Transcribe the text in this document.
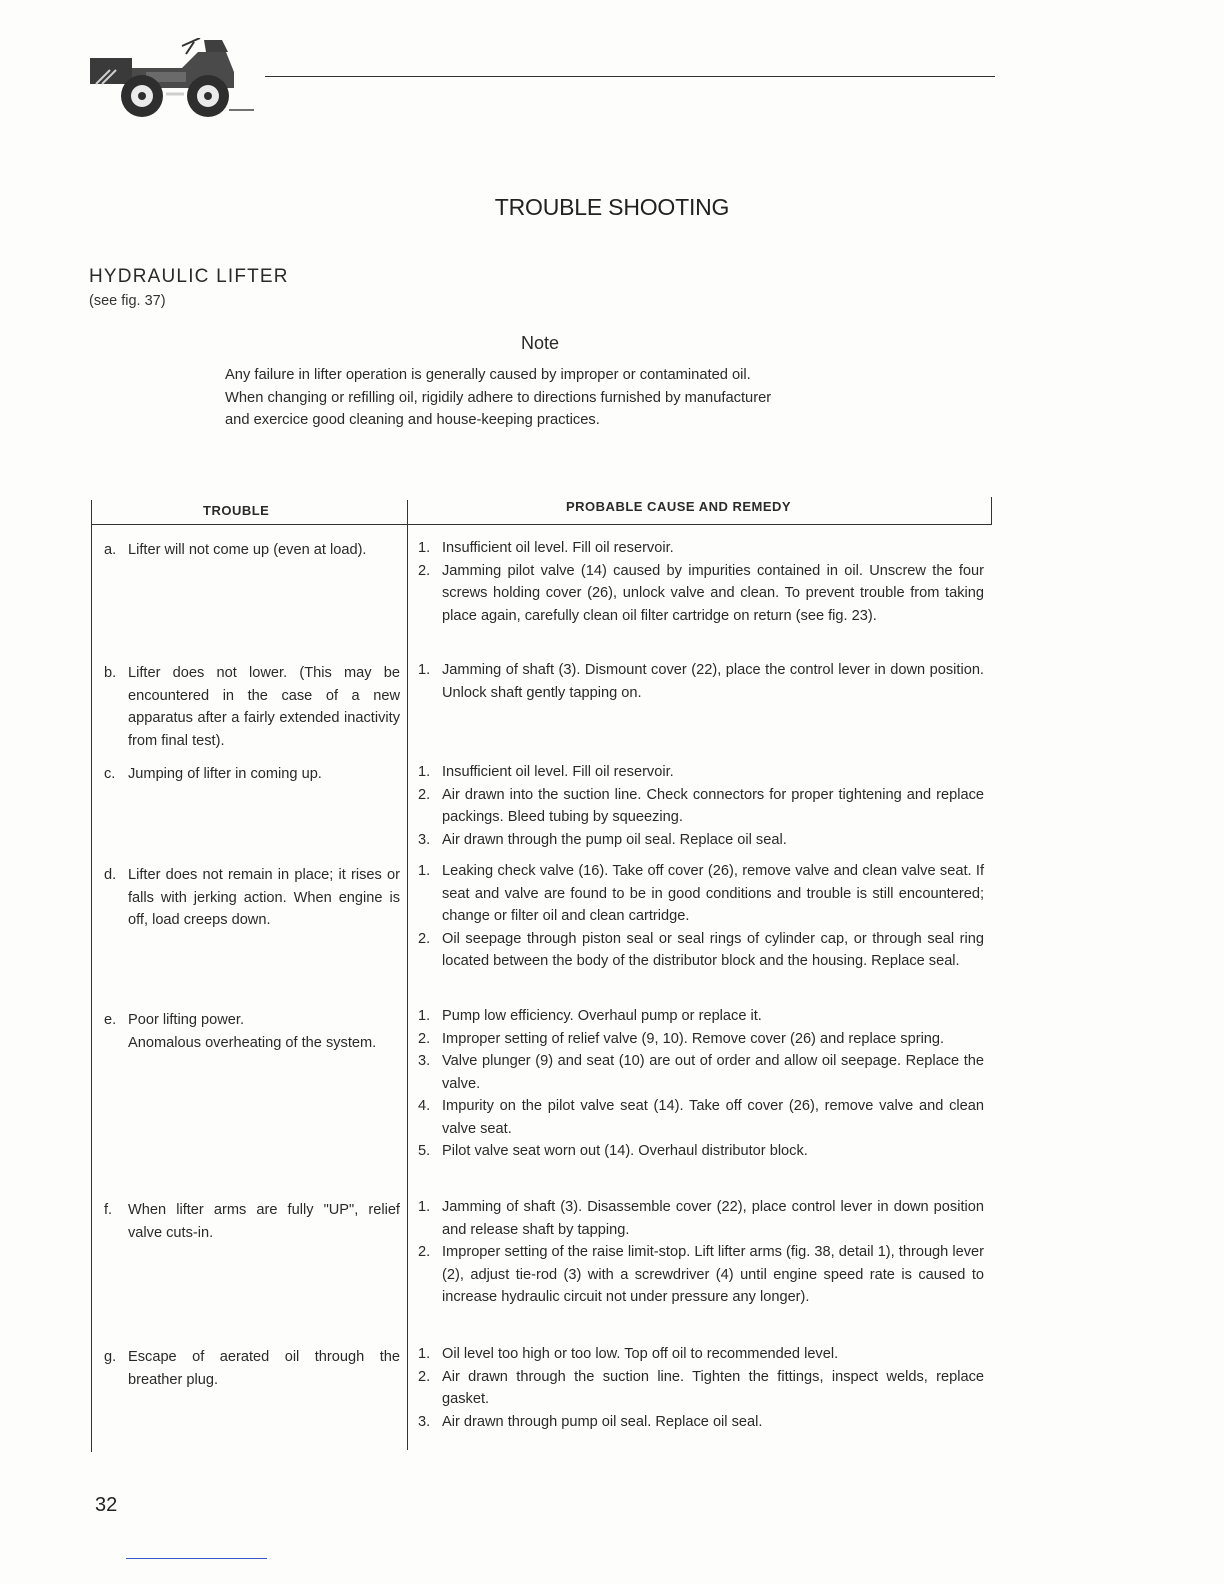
TROUBLE SHOOTING
HYDRAULIC LIFTER
(see fig. 37)
Note
Any failure in lifter operation is generally caused by improper or contaminated oil.
When changing or refilling oil, rigidily adhere to directions furnished by manufacturer
and exercice good cleaning and house-keeping practices.
TROUBLE	PROBABLE CAUSE AND REMEDY
a. Lifter will not come up (even at load).	1. Insufficient oil level. Fill oil reservoir.
2. Jamming pilot valve (14) caused by impurities contained in oil. Unscrew the four screws holding cover (26), unlock valve and clean. To prevent trouble from taking place again, carefully clean oil filter cartridge on return (see fig. 23).
b. Lifter does not lower. (This may be encountered in the case of a new apparatus after a fairly extended inactivity from final test).
1. Jamming of shaft (3). Dismount cover (22), place the control lever in down position. Unlock shaft gently tapping on.
c. Jumping of lifter in coming up.	1. Insufficient oil level. Fill oil reservoir.
2. Air drawn into the suction line. Check connectors for proper tightening and replace packings. Bleed tubing by squeezing.
3. Air drawn through the pump oil seal. Replace oil seal.
d. Lifter does not remain in place; it rises or falls with jerking action. When engine is off, load creeps down.
1. Leaking check valve (16). Take off cover (26), remove valve and clean valve seat. If seat and valve are found to be in good conditions and trouble is still encountered; change or filter oil and clean cartridge.
2. Oil seepage through piston seal or seal rings of cylinder cap, or through seal ring located between the body of the distributor block and the housing. Replace seal.
e. Poor lifting power.
Anomalous overheating of the system.
1. Pump low efficiency. Overhaul pump or replace it.
2. Improper setting of relief valve (9, 10). Remove cover (26) and replace spring.
3. Valve plunger (9) and seat (10) are out of order and allow oil seepage. Replace the valve.
4. Impurity on the pilot valve seat (14). Take off cover (26), remove valve and clean valve seat.
5. Pilot valve seat worn out (14). Overhaul distributor block.
f. When lifter arms are fully "UP", relief valve cuts-in.
1. Jamming of shaft (3). Disassemble cover (22), place control lever in down position and release shaft by tapping.
2. Improper setting of the raise limit-stop. Lift lifter arms (fig. 38, detail 1), through lever (2), adjust tie-rod (3) with a screwdriver (4) until engine speed rate is caused to increase hydraulic circuit not under pressure any longer).
g. Escape of aerated oil through the breather plug.
1. Oil level too high or too low. Top off oil to recommended level.
2. Air drawn through the suction line. Tighten the fittings, inspect welds, replace gasket.
3. Air drawn through pump oil seal. Replace oil seal.
32
